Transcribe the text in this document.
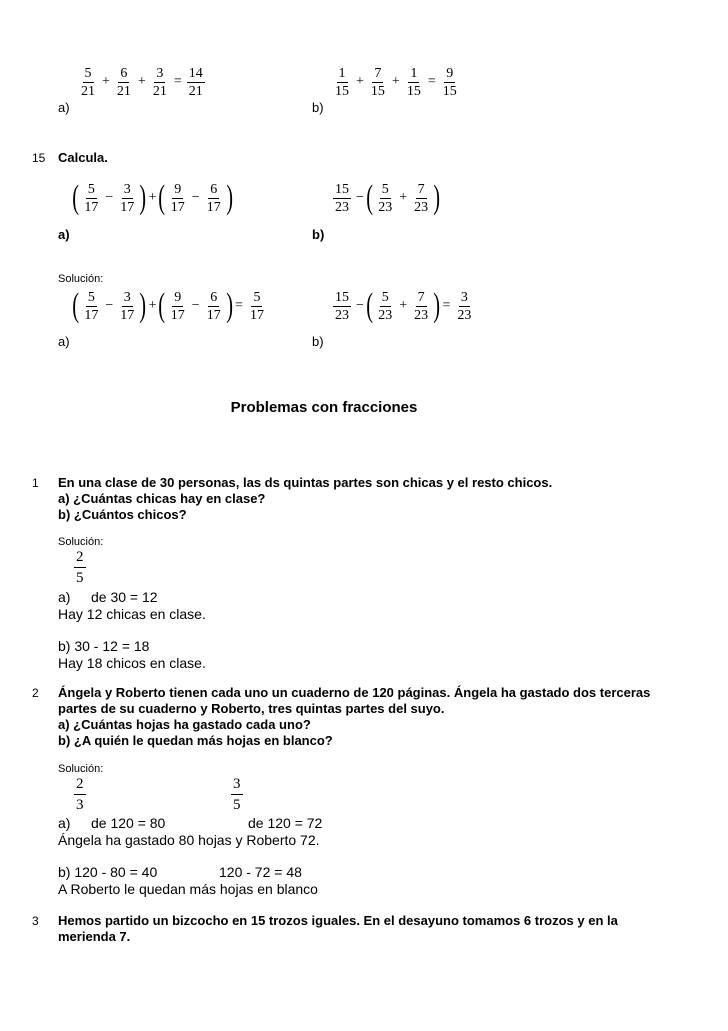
$\frac{5}{21} + \frac{6}{21} + \frac{3}{21} = \frac{14}{21}$
a)
$\frac{1}{15} + \frac{7}{15} + \frac{1}{15} = \frac{9}{15}$
b)
15 Calcula.
( $\frac{5}{17} - \frac{3}{17}$ ) + ( $\frac{9}{17} - \frac{6}{17}$ )
a)
$\frac{15}{23}$ − ( $\frac{5}{23} + \frac{7}{23}$ )
b)
Solución:
( $\frac{5}{17} - \frac{3}{17}$ ) + ( $\frac{9}{17} - \frac{6}{17}$ ) = $\frac{5}{17}$
a)
$\frac{15}{23}$ − ( $\frac{5}{23} + \frac{7}{23}$ ) = $\frac{3}{23}$
b)
Problemas con fracciones
1 En una clase de 30 personas, las ds quintas partes son chicas y el resto chicos.
a) ¿Cuántas chicas hay en clase?
b) ¿Cuántos chicos?
Solución:
2
5
a) de 30 = 12
Hay 12 chicas en clase.
b) 30 - 12 = 18
Hay 18 chicos en clase.
2 Ángela y Roberto tienen cada uno un cuaderno de 120 páginas. Ángela ha gastado dos terceras
partes de su cuaderno y Roberto, tres quintas partes del suyo.
a) ¿Cuántas hojas ha gastado cada uno?
b) ¿A quién le quedan más hojas en blanco?
Solución:
2
3
3
5
a) de 120 = 80	de 120 = 72
Ángela ha gastado 80 hojas y Roberto 72.
b) 120 - 80 = 40	120 - 72 = 48
A Roberto le quedan más hojas en blanco
3 Hemos partido un bizcocho en 15 trozos iguales. En el desayuno tomamos 6 trozos y en la
merienda 7.
